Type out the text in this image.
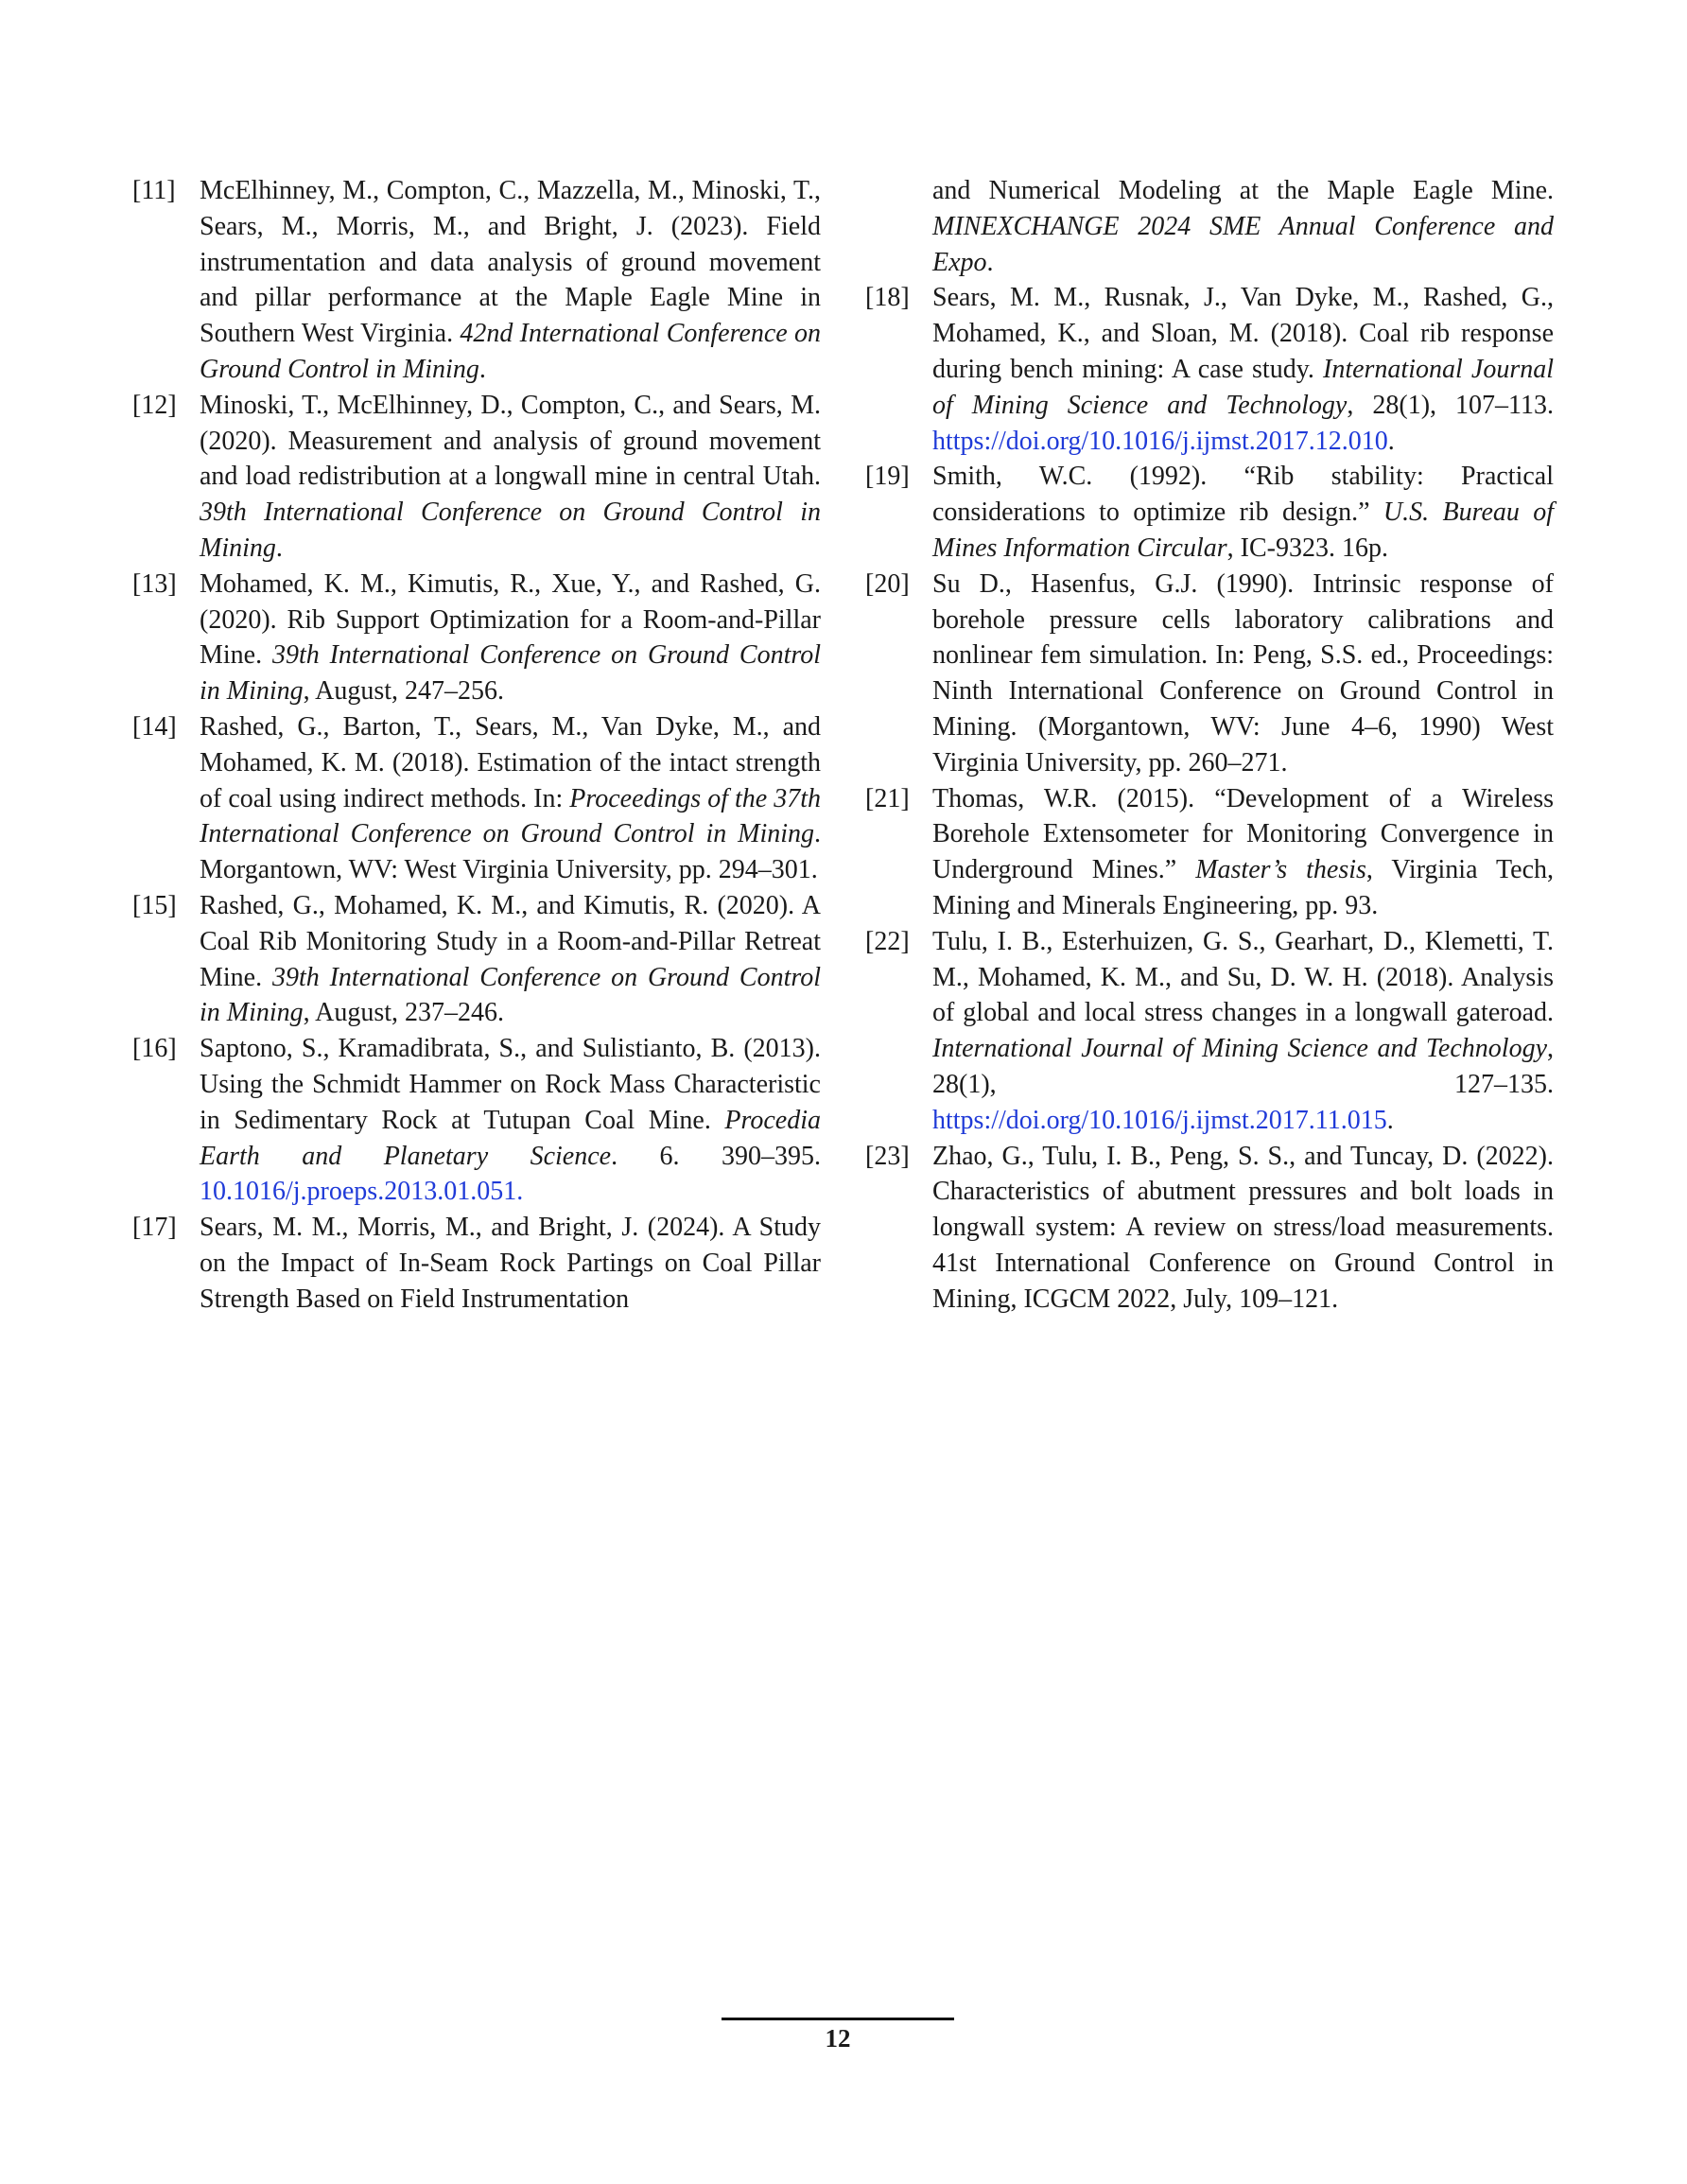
[11] McElhinney, M., Compton, C., Mazzella, M., Minoski, T., Sears, M., Morris, M., and Bright, J. (2023). Field instrumentation and data analysis of ground movement and pillar performance at the Maple Eagle Mine in Southern West Virginia. 42nd International Conference on Ground Control in Mining.
[12] Minoski, T., McElhinney, D., Compton, C., and Sears, M. (2020). Measurement and analysis of ground movement and load redistribution at a longwall mine in central Utah. 39th International Conference on Ground Control in Mining.
[13] Mohamed, K. M., Kimutis, R., Xue, Y., and Rashed, G. (2020). Rib Support Optimization for a Room-and-Pillar Mine. 39th International Conference on Ground Control in Mining, August, 247–256.
[14] Rashed, G., Barton, T., Sears, M., Van Dyke, M., and Mohamed, K. M. (2018). Estimation of the intact strength of coal using indirect methods. In: Proceedings of the 37th International Conference on Ground Control in Mining. Morgantown, WV: West Virginia University, pp. 294–301.
[15] Rashed, G., Mohamed, K. M., and Kimutis, R. (2020). A Coal Rib Monitoring Study in a Room-and-Pillar Retreat Mine. 39th International Conference on Ground Control in Mining, August, 237–246.
[16] Saptono, S., Kramadibrata, S., and Sulistianto, B. (2013). Using the Schmidt Hammer on Rock Mass Characteristic in Sedimentary Rock at Tutupan Coal Mine. Procedia Earth and Planetary Science. 6. 390–395. 10.1016/j.proeps.2013.01.051.
[17] Sears, M. M., Morris, M., and Bright, J. (2024). A Study on the Impact of In-Seam Rock Partings on Coal Pillar Strength Based on Field Instrumentation
and Numerical Modeling at the Maple Eagle Mine. MINEXCHANGE 2024 SME Annual Conference and Expo.
[18] Sears, M. M., Rusnak, J., Van Dyke, M., Rashed, G., Mohamed, K., and Sloan, M. (2018). Coal rib response during bench mining: A case study. International Journal of Mining Science and Technology, 28(1), 107–113. https://doi.org/10.1016/j.ijmst.2017.12.010.
[19] Smith, W.C. (1992). “Rib stability: Practical considerations to optimize rib design.” U.S. Bureau of Mines Information Circular, IC-9323. 16p.
[20] Su D., Hasenfus, G.J. (1990). Intrinsic response of borehole pressure cells laboratory calibrations and nonlinear fem simulation. In: Peng, S.S. ed., Proceedings: Ninth International Conference on Ground Control in Mining. (Morgantown, WV: June 4–6, 1990) West Virginia University, pp. 260–271.
[21] Thomas, W.R. (2015). “Development of a Wireless Borehole Extensometer for Monitoring Convergence in Underground Mines.” Master’s thesis, Virginia Tech, Mining and Minerals Engineering, pp. 93.
[22] Tulu, I. B., Esterhuizen, G. S., Gearhart, D., Klemetti, T. M., Mohamed, K. M., and Su, D. W. H. (2018). Analysis of global and local stress changes in a longwall gateroad. International Journal of Mining Science and Technology, 28(1), 127–135. https://doi.org/10.1016/j.ijmst.2017.11.015.
[23] Zhao, G., Tulu, I. B., Peng, S. S., and Tuncay, D. (2022). Characteristics of abutment pressures and bolt loads in longwall system: A review on stress/load measurements. 41st International Conference on Ground Control in Mining, ICGCM 2022, July, 109–121.
12
